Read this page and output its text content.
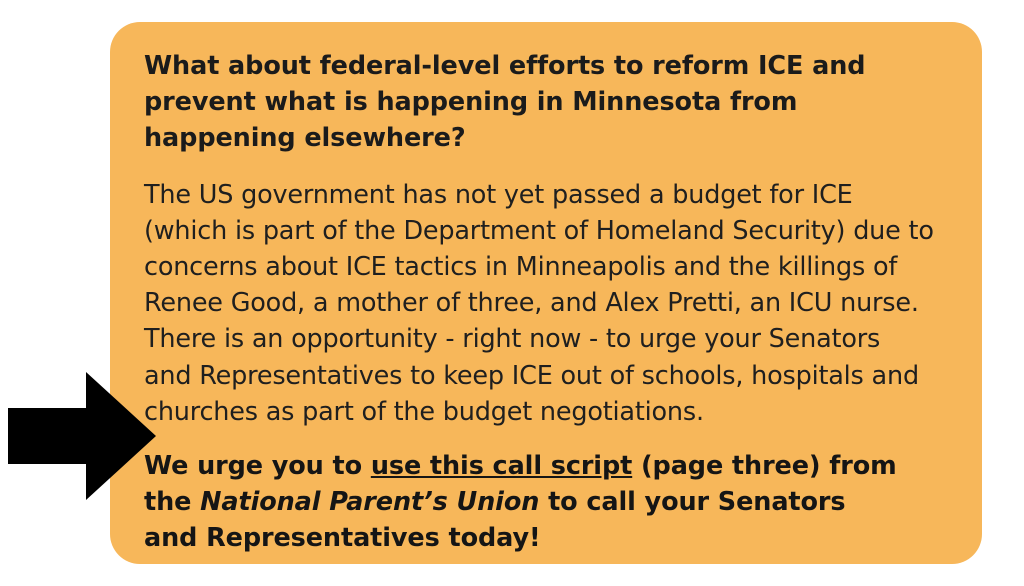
What about federal-level efforts to reform ICE and prevent what is happening in Minnesota from happening elsewhere?

The US government has not yet passed a budget for ICE (which is part of the Department of Homeland Security) due to concerns about ICE tactics in Minneapolis and the killings of Renee Good, a mother of three, and Alex Pretti, an ICU nurse. There is an opportunity - right now - to urge your Senators and Representatives to keep ICE out of schools, hospitals and churches as part of the budget negotiations.

We urge you to use this call script (page three) from the National Parent’s Union to call your Senators and Representatives today!
